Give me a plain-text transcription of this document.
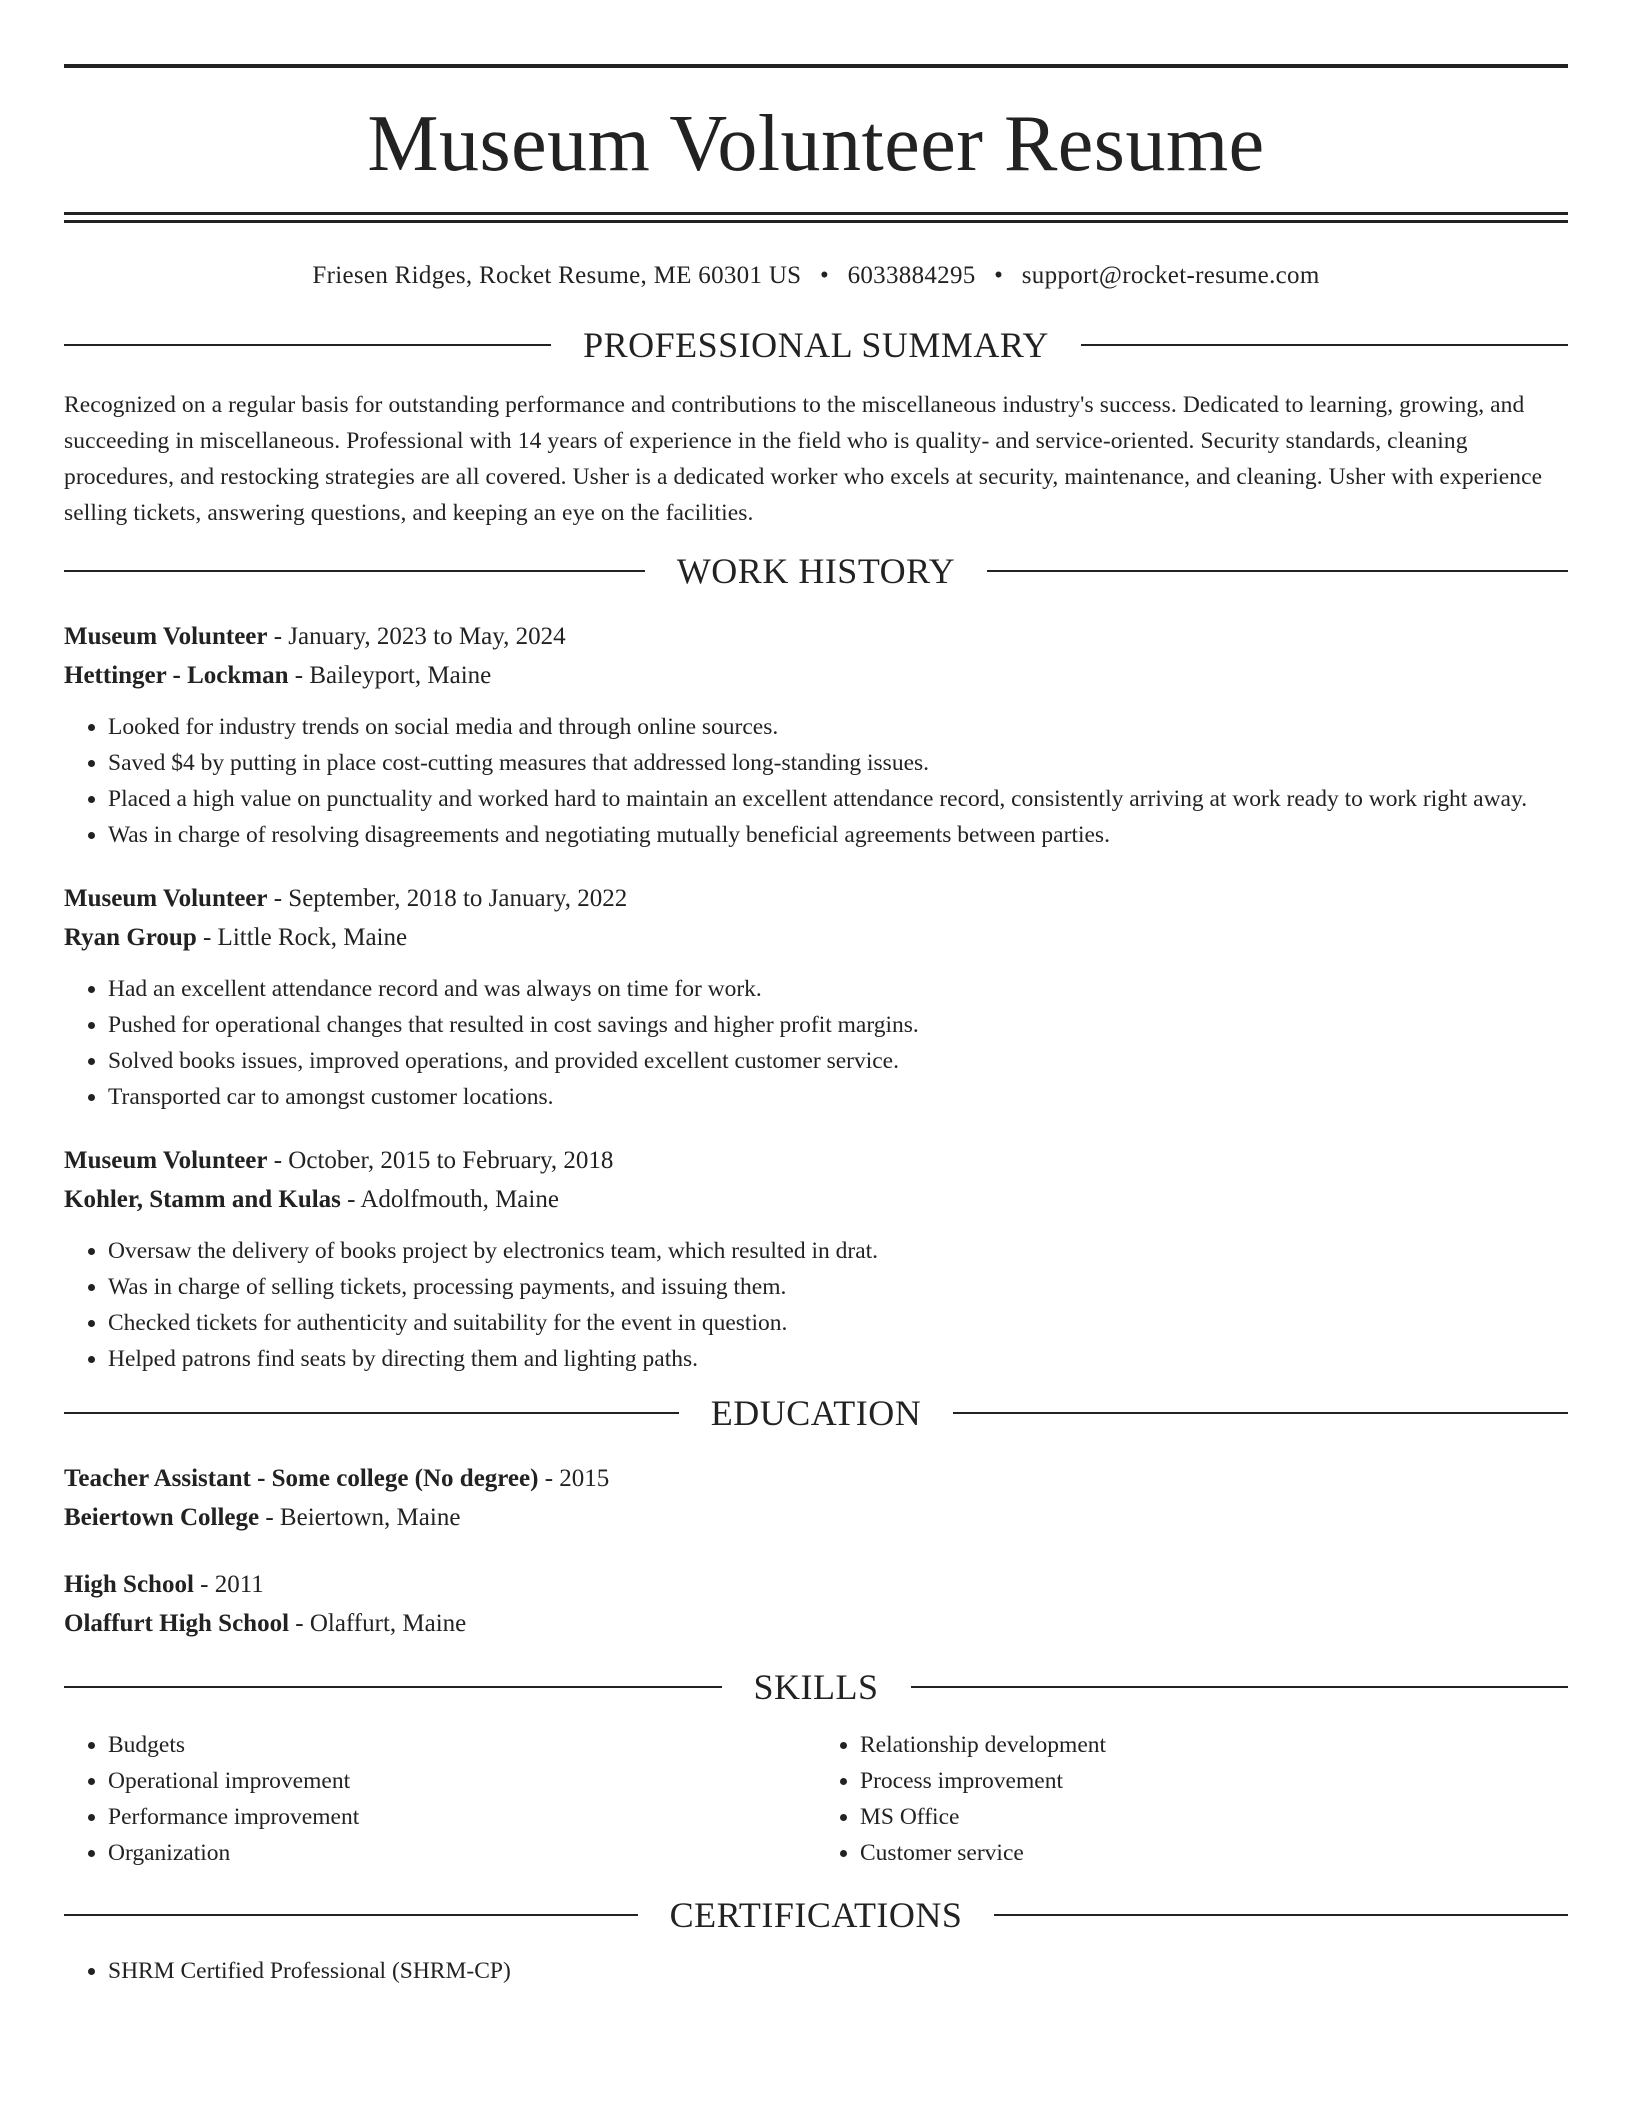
Museum Volunteer Resume
Friesen Ridges, Rocket Resume, ME 60301 US • 6033884295 • support@rocket-resume.com
PROFESSIONAL SUMMARY
Recognized on a regular basis for outstanding performance and contributions to the miscellaneous industry's success. Dedicated to learning, growing, and succeeding in miscellaneous. Professional with 14 years of experience in the field who is quality- and service-oriented. Security standards, cleaning procedures, and restocking strategies are all covered. Usher is a dedicated worker who excels at security, maintenance, and cleaning. Usher with experience selling tickets, answering questions, and keeping an eye on the facilities.
WORK HISTORY
Museum Volunteer - January, 2023 to May, 2024
Hettinger - Lockman - Baileyport, Maine
• Looked for industry trends on social media and through online sources.
• Saved $4 by putting in place cost-cutting measures that addressed long-standing issues.
• Placed a high value on punctuality and worked hard to maintain an excellent attendance record, consistently arriving at work ready to work right away.
• Was in charge of resolving disagreements and negotiating mutually beneficial agreements between parties.
Museum Volunteer - September, 2018 to January, 2022
Ryan Group - Little Rock, Maine
• Had an excellent attendance record and was always on time for work.
• Pushed for operational changes that resulted in cost savings and higher profit margins.
• Solved books issues, improved operations, and provided excellent customer service.
• Transported car to amongst customer locations.
Museum Volunteer - October, 2015 to February, 2018
Kohler, Stamm and Kulas - Adolfmouth, Maine
• Oversaw the delivery of books project by electronics team, which resulted in drat.
• Was in charge of selling tickets, processing payments, and issuing them.
• Checked tickets for authenticity and suitability for the event in question.
• Helped patrons find seats by directing them and lighting paths.
EDUCATION
Teacher Assistant - Some college (No degree) - 2015
Beiertown College - Beiertown, Maine
High School - 2011
Olaffurt High School - Olaffurt, Maine
SKILLS
• Budgets
• Operational improvement
• Performance improvement
• Organization
• Relationship development
• Process improvement
• MS Office
• Customer service
CERTIFICATIONS
• SHRM Certified Professional (SHRM-CP)
